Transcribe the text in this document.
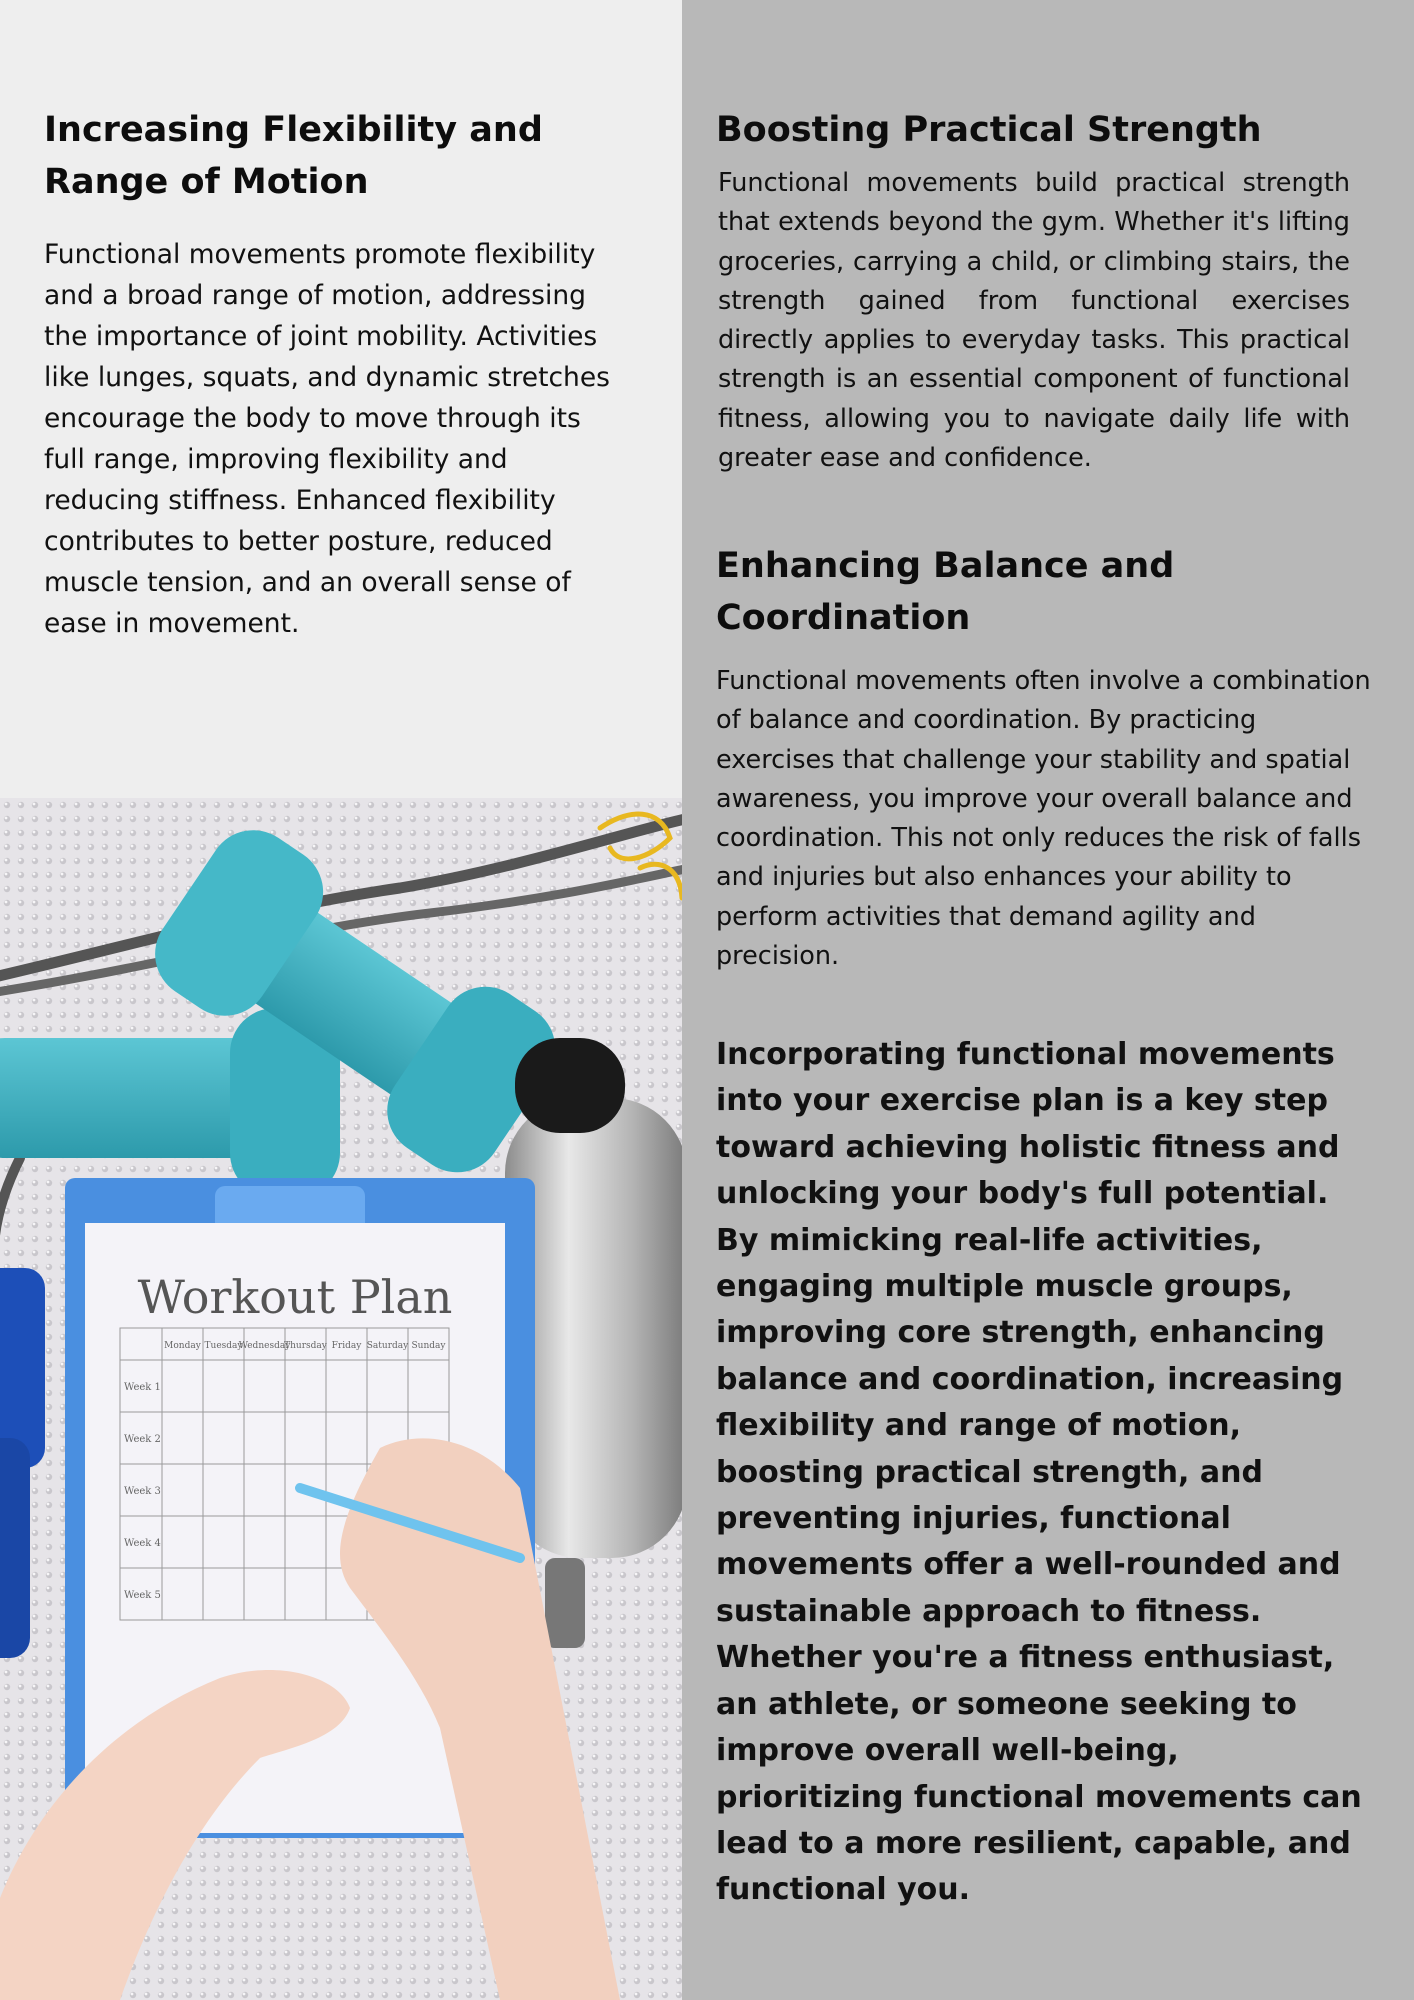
Increasing Flexibility and Range of Motion

Functional movements promote flexibility and a broad range of motion, addressing the importance of joint mobility. Activities like lunges, squats, and dynamic stretches encourage the body to move through its full range, improving flexibility and reducing stiffness. Enhanced flexibility contributes to better posture, reduced muscle tension, and an overall sense of ease in movement.

Boosting Practical Strength

Functional movements build practical strength that extends beyond the gym. Whether it's lifting groceries, carrying a child, or climbing stairs, the strength gained from functional exercises directly applies to everyday tasks. This practical strength is an essential component of functional fitness, allowing you to navigate daily life with greater ease and confidence.

Enhancing Balance and Coordination

Functional movements often involve a combination of balance and coordination. By practicing exercises that challenge your stability and spatial awareness, you improve your overall balance and coordination. This not only reduces the risk of falls and injuries but also enhances your ability to perform activities that demand agility and precision.

Incorporating functional movements into your exercise plan is a key step toward achieving holistic fitness and unlocking your body's full potential. By mimicking real-life activities, engaging multiple muscle groups, improving core strength, enhancing balance and coordination, increasing flexibility and range of motion, boosting practical strength, and preventing injuries, functional movements offer a well-rounded and sustainable approach to fitness. Whether you're a fitness enthusiast, an athlete, or someone seeking to improve overall well-being, prioritizing functional movements can lead to a more resilient, capable, and functional you.

Workout Plan
Monday Tuesday
Wednesday
Thursday Friday Saturday Sunday
Week 1
Week 2
Week 3
Week 4
Week 5
